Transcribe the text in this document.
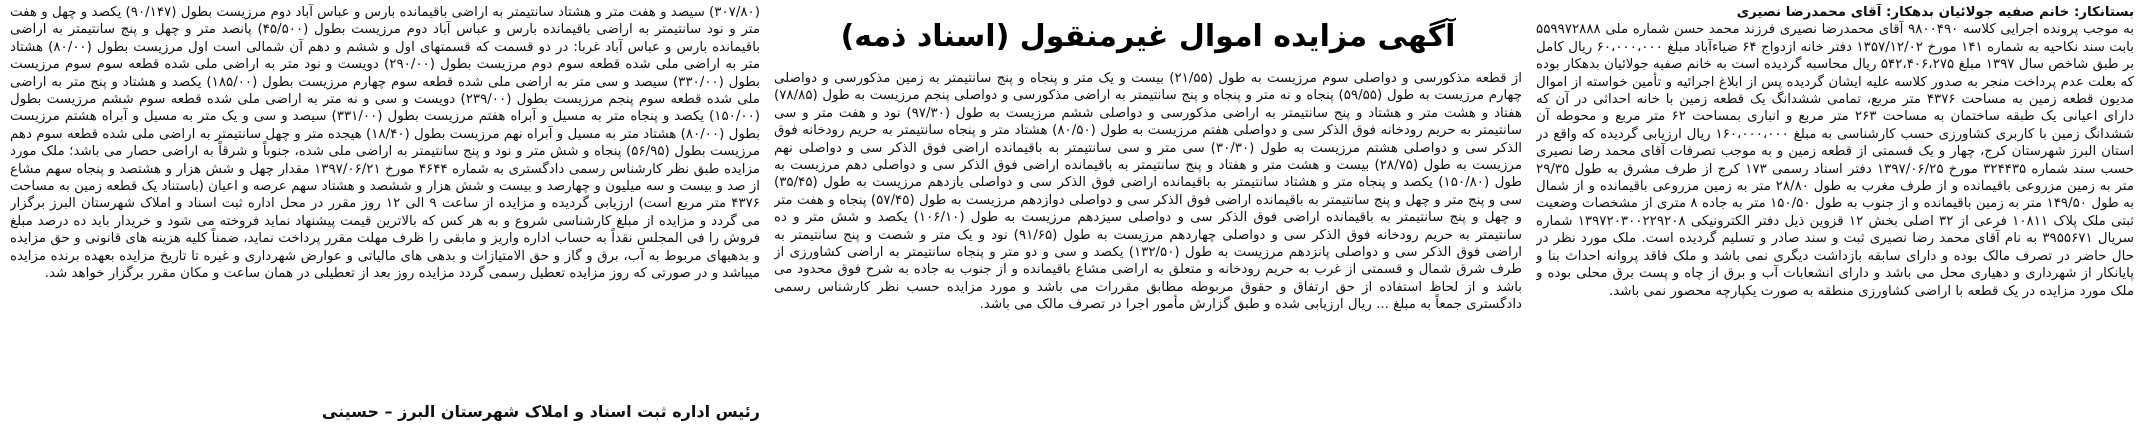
بستانکار: خانم صفیه جولائیان بدهکار: آقای محمدرضا نصیری

به موجب پرونده اجرایی کلاسه ۹۸۰۰۴۹۰ آقای محمدرضا نصیری فرزند محمد حسن شماره ملی ۵۵۹۹۷۲۸۸۸ بابت سند نکاحیه به شماره ۱۴۱ مورخ ۱۳۵۷/۱۲/۰۲ دفتر خانه ازدواج ۶۴ ضیاءآباد مبلغ ۶۰،۰۰۰،۰۰۰ ریال کامل بر طبق شاخص سال ۱۳۹۷ مبلغ ۵۴۲،۴۰۶،۲۷۵ ریال محاسبه گردیده است به خانم صفیه جولائیان بدهکار بوده که بعلت عدم پرداخت منجر به صدور کلاسه علیه ایشان گردیده پس از ابلاغ اجرائیه و تأمین خواسته از اموال مدیون قطعه زمین به مساحت ۴۳۷۶ متر مربع، تمامی ششدانگ یک قطعه زمین با خانه احداثی در آن که دارای اعیانی یک طبقه ساختمان به مساحت ۲۶۳ متر مربع و انباری بمساحت ۶۲ متر مربع و محوطه آن ششدانگ زمین با کاربری کشاورزی حسب کارشناسی به مبلغ ۱۶۰،۰۰۰،۰۰۰ ریال ارزیابی گردیده که واقع در استان البرز شهرستان کرج، چهار و یک قسمتی از قطعه زمین و به موجب تصرفات آقای محمد رضا نصیری حسب سند شماره ۳۲۴۴۳۵ مورخ ۱۳۹۷/۰۶/۲۵ دفتر اسناد رسمی ۱۷۳ کرج از طرف مشرق به طول ۲۹/۳۵ متر به زمین مزروعی باقیمانده و از طرف مغرب به طول ۲۸/۸۰ متر به زمین مزروعی باقیمانده و از شمال به طول ۱۴۹/۵۰ متر به زمین باقیمانده و از جنوب به طول ۱۵۰/۵۰ متر به جاده ۸ متری از مشخصات وضعیت ثبتی ملک پلاک ۱۰۸۱۱ فرعی از ۳۲ اصلی بخش ۱۲ قزوین ذیل دفتر الکترونیکی ۱۳۹۷۲۰۳۰۰۲۲۹۲۰۸ شماره سریال ۳۹۵۵۶۷۱ به نام آقای محمد رضا نصیری ثبت و سند صادر و تسلیم گردیده است. ملک مورد نظر در حال حاضر در تصرف مالک بوده و دارای سابقه بازداشت دیگری نمی باشد و ملک فاقد پروانه احداث بنا و پایانکار از شهرداری و دهیاری محل می باشد و دارای انشعابات آب و برق از چاه و پست برق محلی بوده و ملک مورد مزایده در یک قطعه با اراضی کشاورزی منطقه به صورت یکپارچه محصور نمی باشد.

آگهی مزایده اموال غیرمنقول (اسناد ذمه)

از قطعه مذکورسی و دواصلی سوم مرزیست به طول (۲۱/۵۵) بیست و یک متر و پنجاه و پنج سانتیمتر به زمین مذکورسی و دواصلی چهارم مرزیست به طول (۵۹/۵۵) پنجاه و نه متر و پنجاه و پنج سانتیمتر به اراضی مذکورسی و دواصلی پنجم مرزیست به طول (۷۸/۸۵) هفتاد و هشت متر و هشتاد و پنج سانتیمتر به اراضی مذکورسی و دواصلی ششم مرزیست به طول (۹۷/۳۰) نود و هفت متر و سی سانتیمتر به حریم رودخانه فوق الذکر سی و دواصلی هفتم مرزیست به طول (۸۰/۵۰) هشتاد متر و پنجاه سانتیمتر به حریم رودخانه فوق الذکر سی و دواصلی هشتم مرزیست به طول (۳۰/۳۰) سی متر و سی سانتیمتر به باقیمانده اراضی فوق الذکر سی و دواصلی نهم مرزیست به طول (۲۸/۷۵) بیست و هشت متر و هفتاد و پنج سانتیمتر به باقیمانده اراضی فوق الذکر سی و دواصلی دهم مرزیست به طول (۱۵۰/۸۰) یکصد و پنجاه متر و هشتاد سانتیمتر به باقیمانده اراضی فوق الذکر سی و دواصلی یازدهم مرزیست به طول (۳۵/۴۵) سی و پنج متر و چهل و پنج سانتیمتر به باقیمانده اراضی فوق الذکر سی و دواصلی دوازدهم مرزیست به طول (۵۷/۴۵) پنجاه و هفت متر و چهل و پنج سانتیمتر به باقیمانده اراضی فوق الذکر سی و دواصلی سیزدهم مرزیست به طول (۱۰۶/۱۰) یکصد و شش متر و ده سانتیمتر به حریم رودخانه فوق الذکر سی و دواصلی چهاردهم مرزیست به طول (۹۱/۶۵) نود و یک متر و شصت و پنج سانتیمتر به اراضی فوق الذکر سی و دواصلی پانزدهم مرزیست به طول (۱۳۲/۵۰) یکصد و سی و دو متر و پنجاه سانتیمتر به اراضی کشاورزی از طرف شرق شمال و قسمتی از غرب به حریم رودخانه و متعلق به اراضی مشاع باقیمانده و از جنوب به جاده به شرح فوق محدود می باشد و از لحاظ استفاده از حق ارتفاق و حقوق مربوطه مطابق مقررات می باشد و مورد مزایده حسب نظر کارشناس رسمی دادگستری جمعاً به مبلغ ... ریال ارزیابی شده و طبق گزارش مأمور اجرا در تصرف مالک می باشد.

(۳۰۷/۸۰) سیصد و هفت متر و هشتاد سانتیمتر به اراضی باقیمانده بارس و عباس آباد دوم مرزیست بطول (۹۰/۱۴۷) یکصد و چهل و هفت متر و نود سانتیمتر به اراضی باقیمانده بارس و عباس آباد دوم مرزیست بطول (۴۵/۵۰۰) پانصد متر و چهل و پنج سانتیمتر به اراضی باقیمانده بارس و عباس آباد غربا: در دو قسمت که قسمتهای اول و ششم و دهم آن شمالی است اول مرزیست بطول (۸۰/۰۰) هشتاد متر به اراضی ملی شده قطعه سوم دوم مرزیست بطول (۲۹۰/۰۰) دویست و نود متر به اراضی ملی شده قطعه سوم سوم مرزیست بطول (۳۳۰/۰۰) سیصد و سی متر به اراضی ملی شده قطعه سوم چهارم مرزیست بطول (۱۸۵/۰۰) یکصد و هشتاد و پنج متر به اراضی ملی شده قطعه سوم پنجم مرزیست بطول (۲۳۹/۰۰) دویست و سی و نه متر به اراضی ملی شده قطعه سوم ششم مرزیست بطول (۱۵۰/۰۰) یکصد و پنجاه متر به مسیل و آبراه هفتم مرزیست بطول (۳۳۱/۰۰) سیصد و سی و یک متر به مسیل و آبراه هشتم مرزیست بطول (۸۰/۰۰) هشتاد متر به مسیل و آبراه نهم مرزیست بطول (۱۸/۴۰) هیجده متر و چهل سانتیمتر به اراضی ملی شده قطعه سوم دهم مرزیست بطول (۵۶/۹۵) پنجاه و شش متر و نود و پنج سانتیمتر به اراضی ملی شده، جنوباً و شرقاً به اراضی حصار می باشد؛ ملک مورد مزایده طبق نظر کارشناس رسمی دادگستری به شماره ۴۶۴۴ مورخ ۱۳۹۷/۰۶/۲۱ مقدار چهل و شش هزار و هشتصد و پنجاه سهم مشاع از صد و بیست و سه میلیون و چهارصد و بیست و شش هزار و ششصد و هشتاد سهم عرصه و اعیان (باستناد یک قطعه زمین به مساحت ۴۳۷۶ متر مربع است) ارزیابی گردیده و مزایده از ساعت ۹ الی ۱۲ روز مقرر در محل اداره ثبت اسناد و املاک شهرستان البرز برگزار می گردد و مزایده از مبلغ کارشناسی شروع و به هر کس که بالاترین قیمت پیشنهاد نماید فروخته می شود و خریدار باید ده درصد مبلغ فروش را فی المجلس نقداً به حساب اداره واریز و مابقی را ظرف مهلت مقرر پرداخت نماید، ضمناً کلیه هزینه های قانونی و حق مزایده و بدهیهای مربوط به آب، برق و گاز و حق الامتیازات و بدهی های مالیاتی و عوارض شهرداری و غیره تا تاریخ مزایده بعهده برنده مزایده میباشد و در صورتی که روز مزایده تعطیل رسمی گردد مزایده روز بعد از تعطیلی در همان ساعت و مکان مقرر برگزار خواهد شد.

رئیس اداره ثبت اسناد و املاک شهرستان البرز – حسینی
